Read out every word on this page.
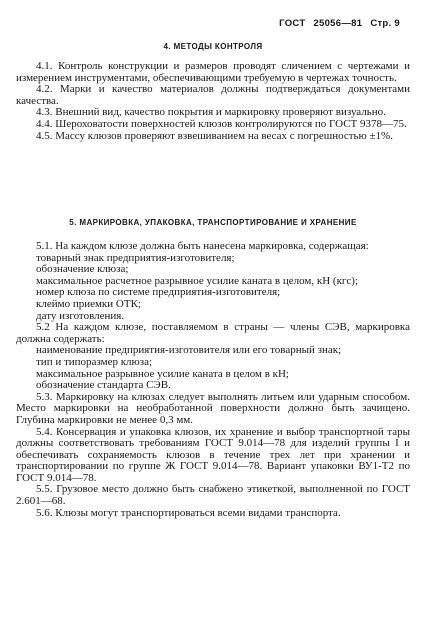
ГОСТ 25056—81 Стр. 9
4. МЕТОДЫ КОНТРОЛЯ

4.1. Контроль конструкции и размеров проводят сличением с чертежами и измерением инструментами, обеспечивающими требуемую в чертежах точность.

4.2. Марки и качество материалов должны подтверждаться документами качества.

4.3. Внешний вид, качество покрытия и маркировку проверяют визуально.

4.4. Шероховатости поверхностей клюзов контролируются по ГОСТ 9378—75.

4.5. Массу клюзов проверяют взвешиванием на весах с погрешностью ±1%.

5. МАРКИРОВКА, УПАКОВКА, ТРАНСПОРТИРОВАНИЕ И ХРАНЕНИЕ

5.1. На каждом клюзе должна быть нанесена маркировка, содержащая:

товарный знак предприятия-изготовителя;

обозначение клюза;

максимальное расчетное разрывное усилие каната в целом, кН (кгс);

номер клюза по системе предприятия-изготовителя;

клеймо приемки ОТК;

дату изготовления.

5.2 На каждом клюзе, поставляемом в страны — члены СЭВ, маркировка должна содержать:

наименование предприятия-изготовителя или его товарный знак;

тип и типоразмер клюза;

максимальное разрывное усилие каната в целом в кН;

обозначение стандарта СЭВ.

5.3. Маркировку на клюзах следует выполнять литьем или ударным способом. Место маркировки на необработанной поверхности должно быть зачищено. Глубина маркировки не менее 0,3 мм.

5.4. Консервация и упаковка клюзов, их хранение и выбор транспортной тары должны соответствовать требованиям ГОСТ 9.014—78 для изделий группы I и обеспечивать сохраняемость клюзов в течение трех лет при хранении и транспортировании по группе Ж ГОСТ 9.014—78. Вариант упаковки ВУ1-Т2 по ГОСТ 9.014—78.

5.5. Грузовое место должно быть снабжено этикеткой, выполненной по ГОСТ 2.601—68.

5.6. Клюзы могут транспортироваться всеми видами транспорта.
